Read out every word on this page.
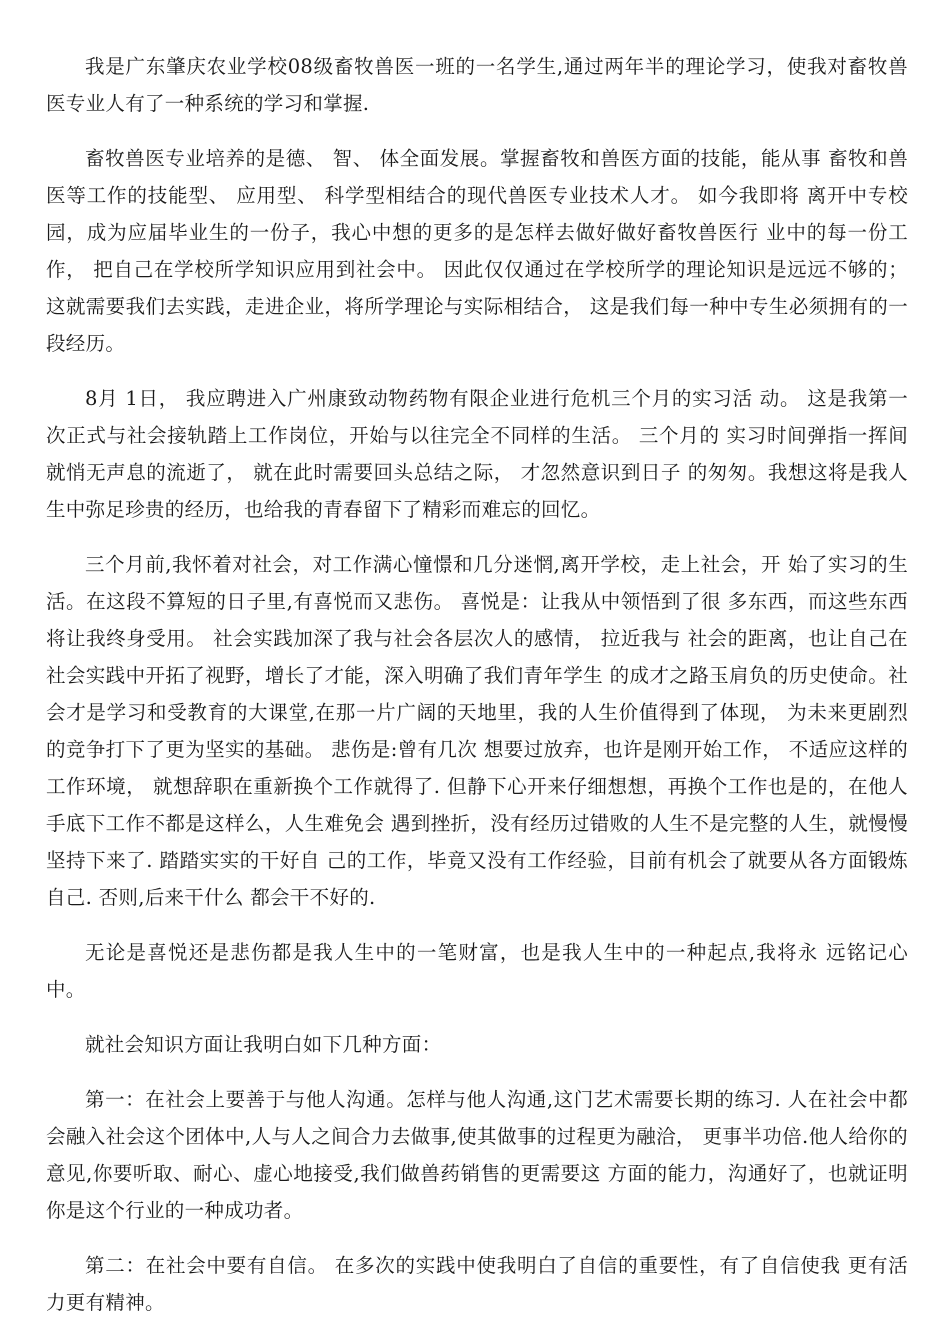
我是广东肇庆农业学校08级畜牧兽医一班的一名学生,通过两年半的理论学习，使我对畜牧兽医专业人有了一种系统的学习和掌握.

畜牧兽医专业培养的是德、 智、 体全面发展。掌握畜牧和兽医方面的技能，能从事 畜牧和兽医等工作的技能型、 应用型、 科学型相结合的现代兽医专业技术人才。 如今我即将 离开中专校园，成为应届毕业生的一份子，我心中想的更多的是怎样去做好做好畜牧兽医行 业中的每一份工作， 把自己在学校所学知识应用到社会中。 因此仅仅通过在学校所学的理论知识是远远不够的；这就需要我们去实践，走进企业，将所学理论与实际相结合， 这是我们每一种中专生必须拥有的一段经历。

8月 1日， 我应聘进入广州康致动物药物有限企业进行危机三个月的实习活 动。 这是我第一次正式与社会接轨踏上工作岗位，开始与以往完全不同样的生活。 三个月的 实习时间弹指一挥间就悄无声息的流逝了， 就在此时需要回头总结之际， 才忽然意识到日子 的匆匆。我想这将是我人生中弥足珍贵的经历，也给我的青春留下了精彩而难忘的回忆。

三个月前,我怀着对社会，对工作满心憧憬和几分迷惘,离开学校，走上社会，开 始了实习的生活。在这段不算短的日子里,有喜悦而又悲伤。 喜悦是：让我从中领悟到了很 多东西，而这些东西将让我终身受用。 社会实践加深了我与社会各层次人的感情， 拉近我与 社会的距离，也让自己在社会实践中开拓了视野，增长了才能，深入明确了我们青年学生 的成才之路玉肩负的历史使命。社会才是学习和受教育的大课堂,在那一片广阔的天地里，我的人生价值得到了体现， 为未来更剧烈的竞争打下了更为坚实的基础。 悲伤是:曾有几次 想要过放弃，也许是刚开始工作， 不适应这样的工作环境， 就想辞职在重新换个工作就得了. 但静下心开来仔细想想，再换个工作也是的，在他人手底下工作不都是这样么，人生难免会 遇到挫折，没有经历过错败的人生不是完整的人生，就慢慢坚持下来了. 踏踏实实的干好自 己的工作，毕竟又没有工作经验，目前有机会了就要从各方面锻炼自己. 否则,后来干什么 都会干不好的.

无论是喜悦还是悲伤都是我人生中的一笔财富，也是我人生中的一种起点,我将永 远铭记心中。

就社会知识方面让我明白如下几种方面：

第一：在社会上要善于与他人沟通。怎样与他人沟通,这门艺术需要长期的练习. 人在社会中都会融入社会这个团体中,人与人之间合力去做事,使其做事的过程更为融洽， 更事半功倍.他人给你的意见,你要听取、耐心、虚心地接受,我们做兽药销售的更需要这 方面的能力，沟通好了，也就证明你是这个行业的一种成功者。

第二：在社会中要有自信。 在多次的实践中使我明白了自信的重要性，有了自信使我 更有活力更有精神。
